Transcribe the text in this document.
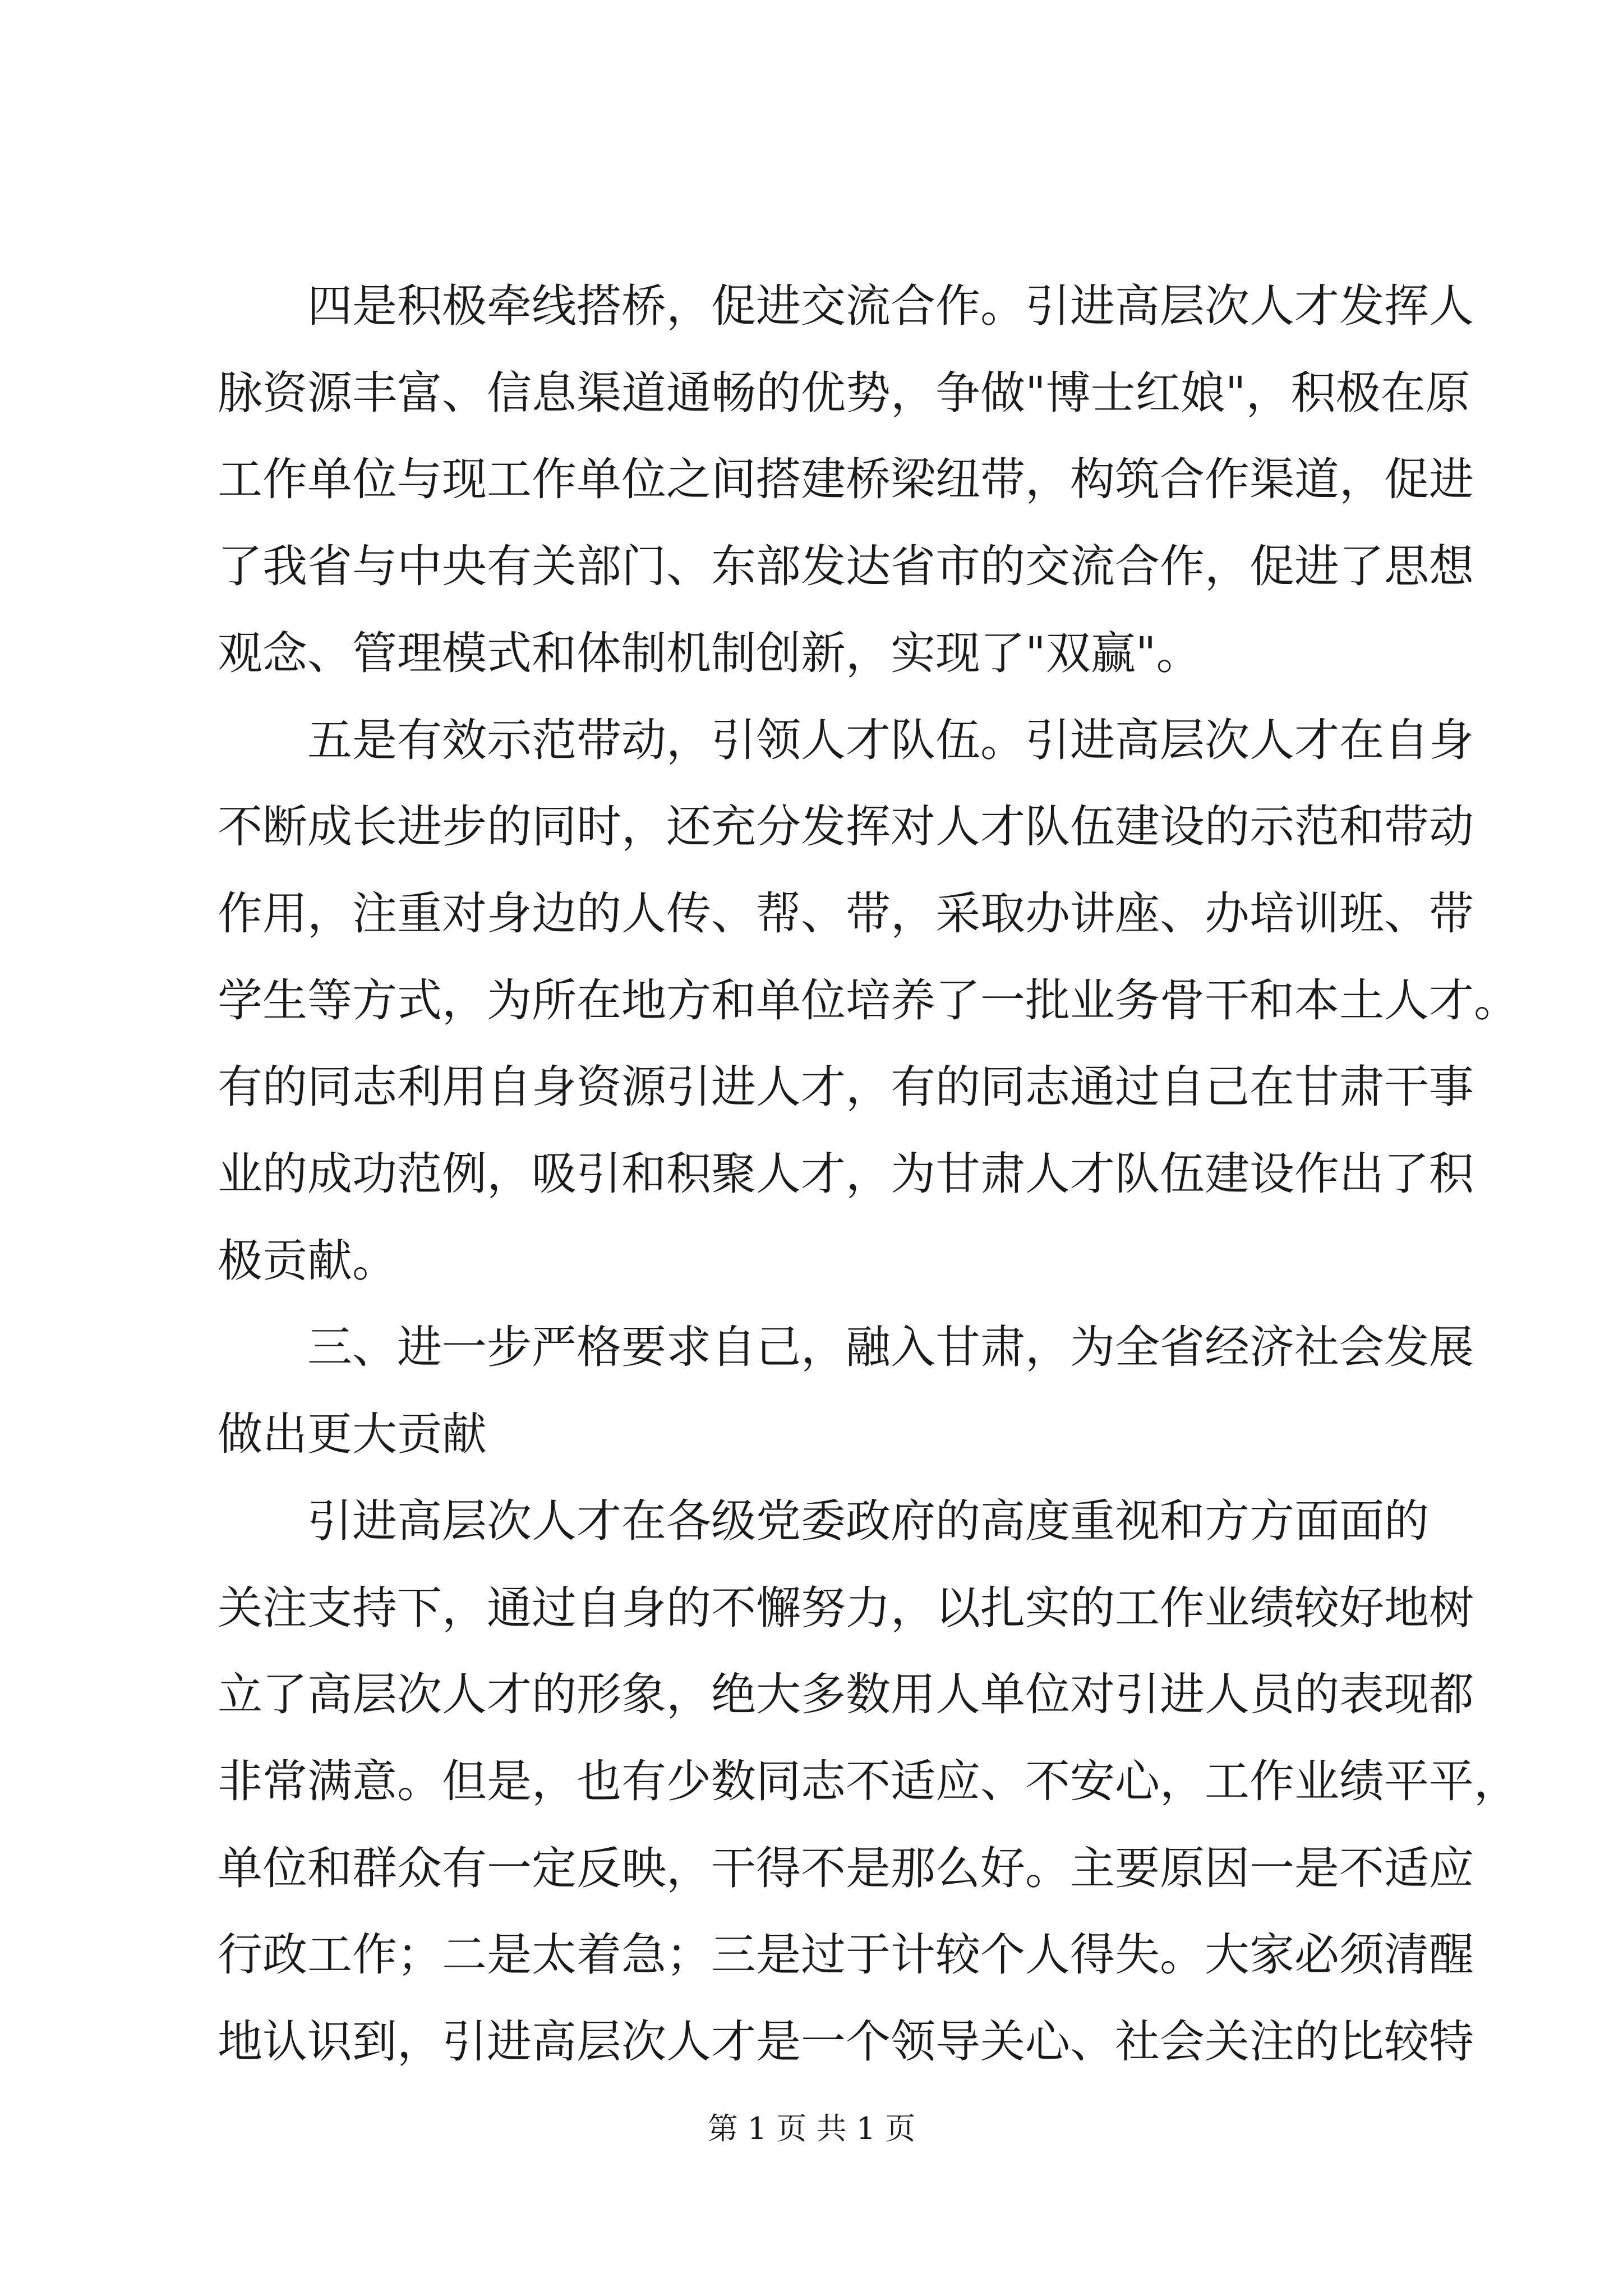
四是积极牵线搭桥，促进交流合作。引进高层次人才发挥人
脉资源丰富、信息渠道通畅的优势，争做"博士红娘"，积极在原
工作单位与现工作单位之间搭建桥梁纽带，构筑合作渠道，促进
了我省与中央有关部门、东部发达省市的交流合作，促进了思想
观念、管理模式和体制机制创新，实现了"双赢"。
五是有效示范带动，引领人才队伍。引进高层次人才在自身
不断成长进步的同时，还充分发挥对人才队伍建设的示范和带动
作用，注重对身边的人传、帮、带，采取办讲座、办培训班、带
学生等方式，为所在地方和单位培养了一批业务骨干和本土人才。
有的同志利用自身资源引进人才，有的同志通过自己在甘肃干事
业的成功范例，吸引和积聚人才，为甘肃人才队伍建设作出了积
极贡献。
三、进一步严格要求自己，融入甘肃，为全省经济社会发展
做出更大贡献
引进高层次人才在各级党委政府的高度重视和方方面面的
关注支持下，通过自身的不懈努力，以扎实的工作业绩较好地树
立了高层次人才的形象，绝大多数用人单位对引进人员的表现都
非常满意。但是，也有少数同志不适应、不安心，工作业绩平平，
单位和群众有一定反映，干得不是那么好。主要原因一是不适应
行政工作；二是太着急；三是过于计较个人得失。大家必须清醒
地认识到，引进高层次人才是一个领导关心、社会关注的比较特
第 1 页 共 1 页
